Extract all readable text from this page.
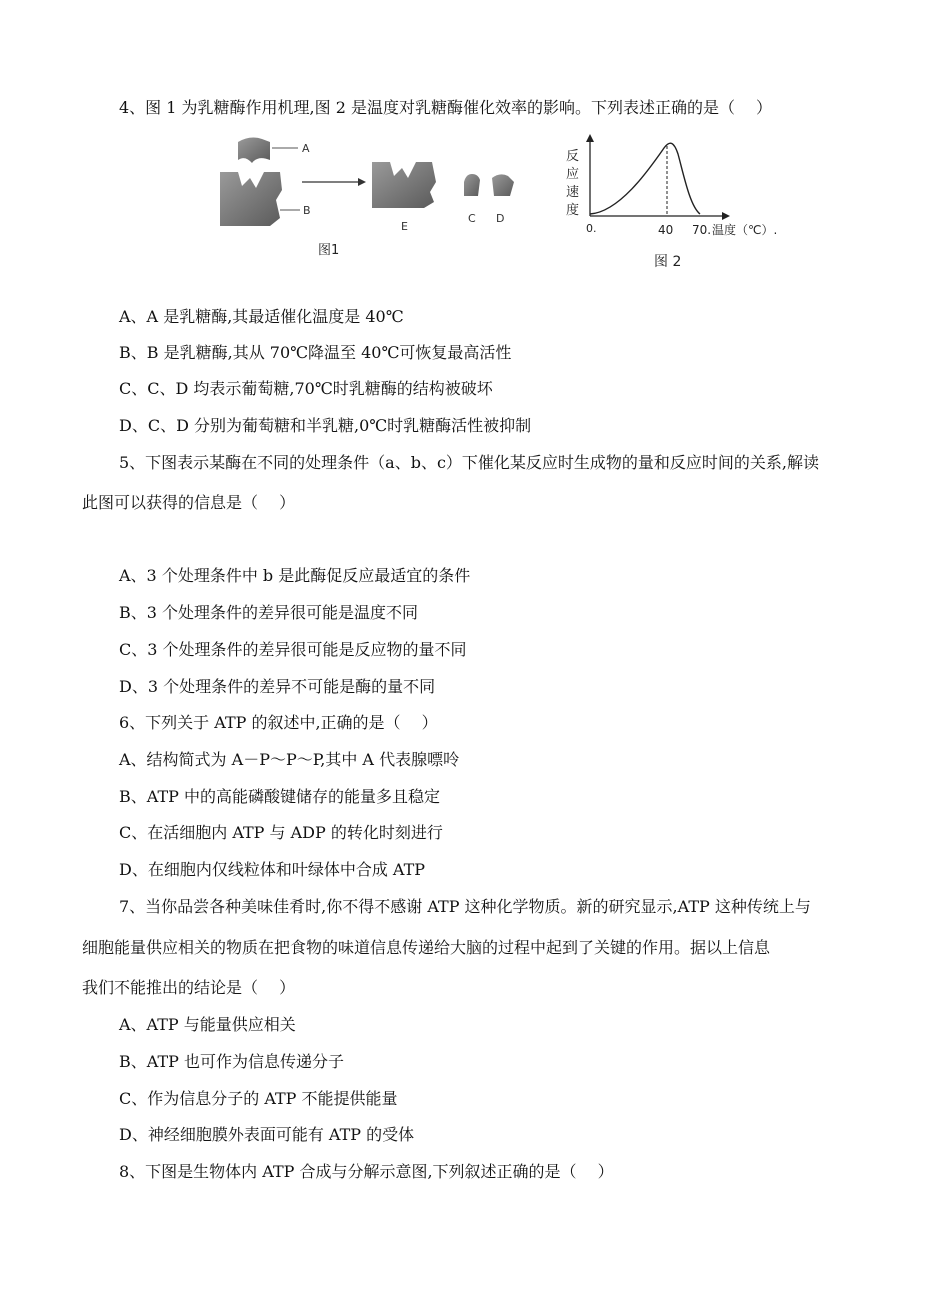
4、图 1 为乳糖酶作用机理,图 2 是温度对乳糖酶催化效率的影响。下列表述正确的是（　 ）
A
B
E
C D
图1
反
应
速
度
0.	40 70. 温度（℃）.
图 2
A、A 是乳糖酶,其最适催化温度是 40℃
B、B 是乳糖酶,其从 70℃降温至 40℃可恢复最高活性
C、C、D 均表示葡萄糖,70℃时乳糖酶的结构被破坏
D、C、D 分别为葡萄糖和半乳糖,0℃时乳糖酶活性被抑制
5、下图表示某酶在不同的处理条件（a、b、c）下催化某反应时生成物的量和反应时间的关系,解读
此图可以获得的信息是（　 ）
A、3 个处理条件中 b 是此酶促反应最适宜的条件
B、3 个处理条件的差异很可能是温度不同
C、3 个处理条件的差异很可能是反应物的量不同
D、3 个处理条件的差异不可能是酶的量不同
6、下列关于 ATP 的叙述中,正确的是（　 ）
A、结构简式为 A－P～P～P,其中 A 代表腺嘌呤
B、ATP 中的高能磷酸键储存的能量多且稳定
C、在活细胞内 ATP 与 ADP 的转化时刻进行
D、在细胞内仅线粒体和叶绿体中合成 ATP
7、当你品尝各种美味佳肴时,你不得不感谢 ATP 这种化学物质。新的研究显示,ATP 这种传统上与
细胞能量供应相关的物质在把食物的味道信息传递给大脑的过程中起到了关键的作用。据以上信息
我们不能推出的结论是（　 ）
A、ATP 与能量供应相关
B、ATP 也可作为信息传递分子
C、作为信息分子的 ATP 不能提供能量
D、神经细胞膜外表面可能有 ATP 的受体
8、下图是生物体内 ATP 合成与分解示意图,下列叙述正确的是（　 ）
